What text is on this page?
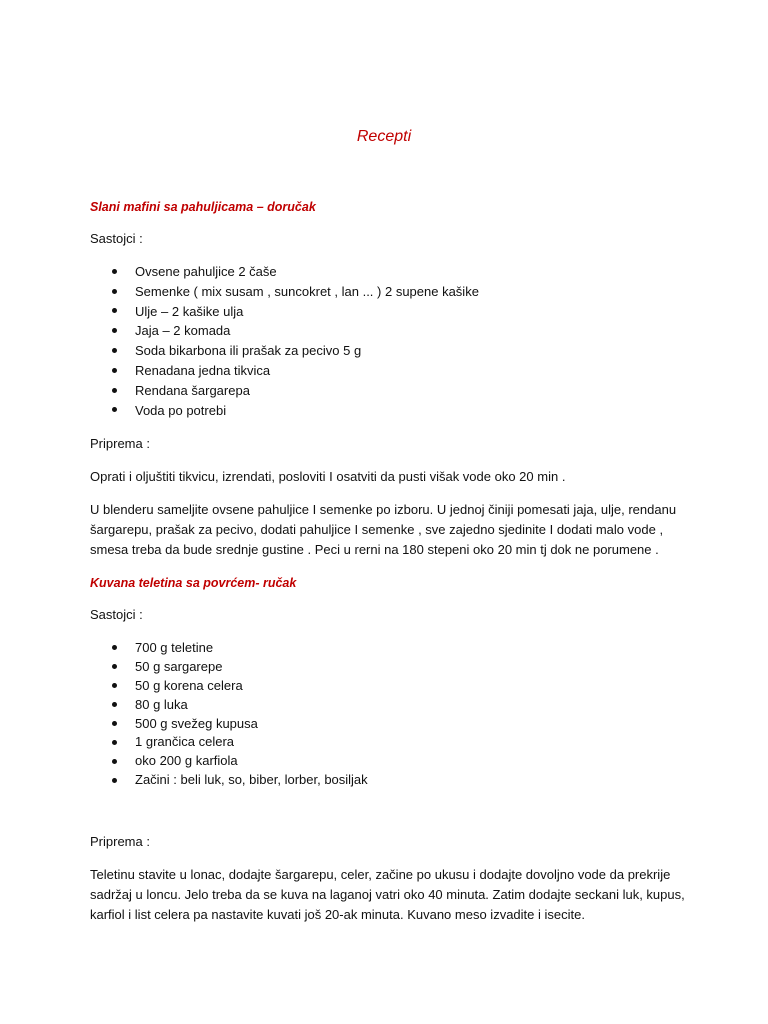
Recepti
Slani mafini sa pahuljicama – doručak
Sastojci :
Ovsene pahuljice 2 čaše
Semenke ( mix susam , suncokret , lan ... ) 2 supene kašike
Ulje – 2 kašike ulja
Jaja – 2 komada
Soda bikarbona ili prašak za pecivo 5 g
Renadana jedna tikvica
Rendana šargarepa
Voda po potrebi
Priprema :
Oprati i oljuštiti tikvicu, izrendati, posloviti I osatviti da pusti višak vode oko 20 min .
U blenderu sameljite ovsene pahuljice I semenke po izboru. U jednoj činiji pomesati jaja, ulje, rendanu
šargarepu, prašak za pecivo, dodati pahuljice I semenke , sve zajedno sjedinite I dodati malo vode ,
smesa treba da bude srednje gustine . Peci u rerni na 180 stepeni oko 20 min tj dok ne porumene .
Kuvana teletina sa povrćem- ručak
Sastojci :
700 g teletine
50 g sargarepe
50 g korena celera
80 g luka
500 g svežeg kupusa
1 grančica celera
oko 200 g karfiola
Začini : beli luk, so, biber, lorber, bosiljak
Priprema :
Teletinu stavite u lonac, dodajte šargarepu, celer, začine po ukusu i dodajte dovoljno vode da prekrije
sadržaj u loncu. Jelo treba da se kuva na laganoj vatri oko 40 minuta. Zatim dodajte seckani luk, kupus,
karfiol i list celera pa nastavite kuvati još 20-ak minuta. Kuvano meso izvadite i isecite.
